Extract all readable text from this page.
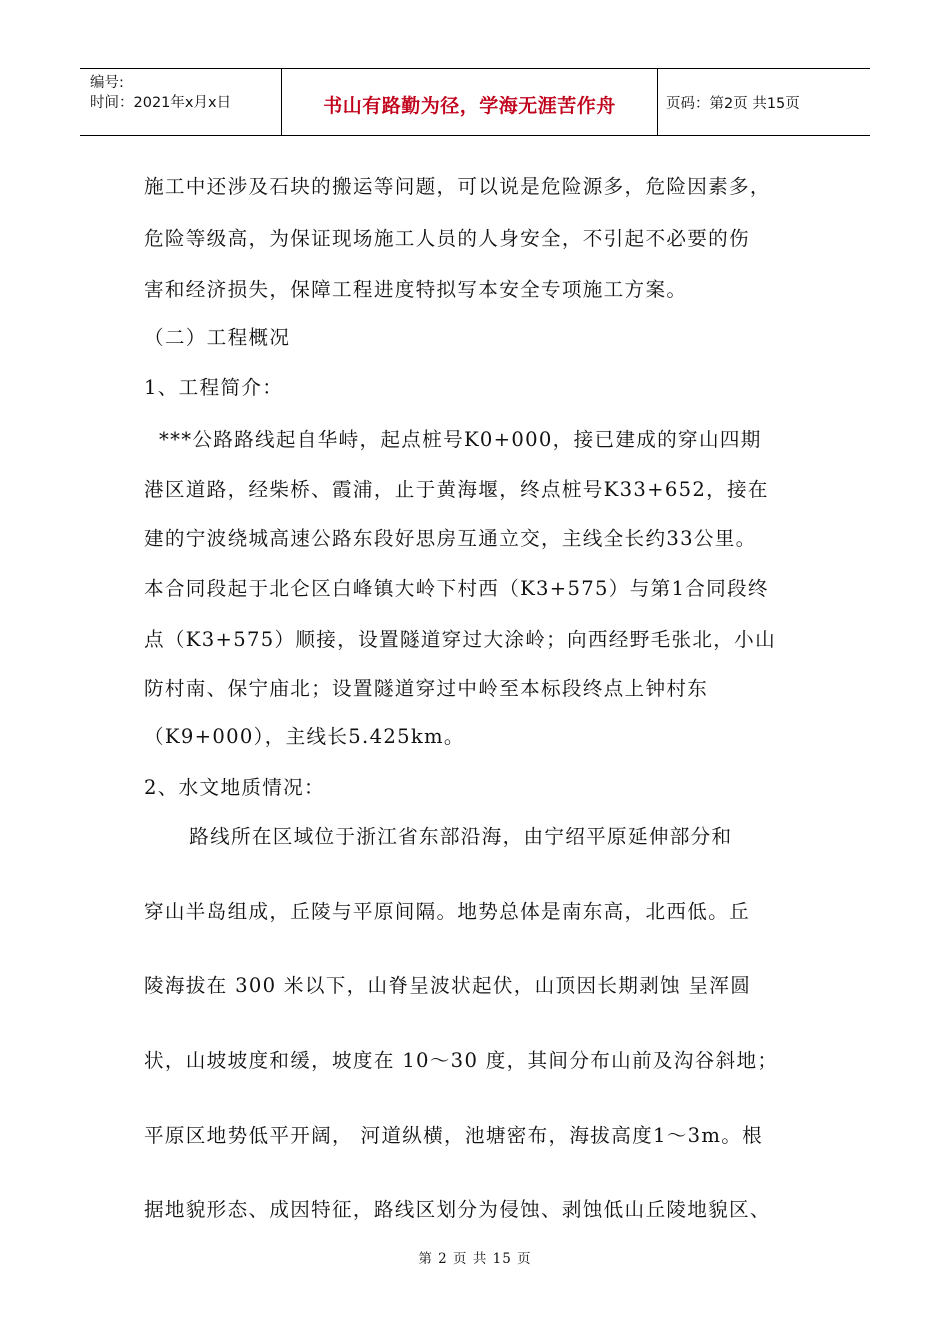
编号:
时间：2021年x月x日	书山有路勤为径，学海无涯苦作舟	页码：第2页 共15页
施工中还涉及石块的搬运等问题，可以说是危险源多，危险因素多，
危险等级高，为保证现场施工人员的人身安全，不引起不必要的伤
害和经济损失，保障工程进度特拟写本安全专项施工方案。
（二）工程概况
1、工程简介：
***公路路线起自华峙，起点桩号K0+000，接已建成的穿山四期
港区道路，经柴桥、霞浦，止于黄海堰，终点桩号K33+652，接在
建的宁波绕城高速公路东段好思房互通立交，主线全长约33公里。
本合同段起于北仑区白峰镇大岭下村西（K3+575）与第1合同段终
点（K3+575）顺接，设置隧道穿过大涂岭；向西经野毛张北，小山
防村南、保宁庙北；设置隧道穿过中岭至本标段终点上钟村东
（K9+000），主线长5.425km。
2、水文地质情况：
路线所在区域位于浙江省东部沿海，由宁绍平原延伸部分和
穿山半岛组成，丘陵与平原间隔。地势总体是南东高，北西低。丘
陵海拔在 300 米以下，山脊呈波状起伏，山顶因长期剥蚀 呈浑圆
状，山坡坡度和缓，坡度在 10～30 度，其间分布山前及沟谷斜地；
平原区地势低平开阔， 河道纵横，池塘密布，海拔高度1～3m。根
据地貌形态、成因特征，路线区划分为侵蚀、剥蚀低山丘陵地貌区、
第 2 页 共 15 页
